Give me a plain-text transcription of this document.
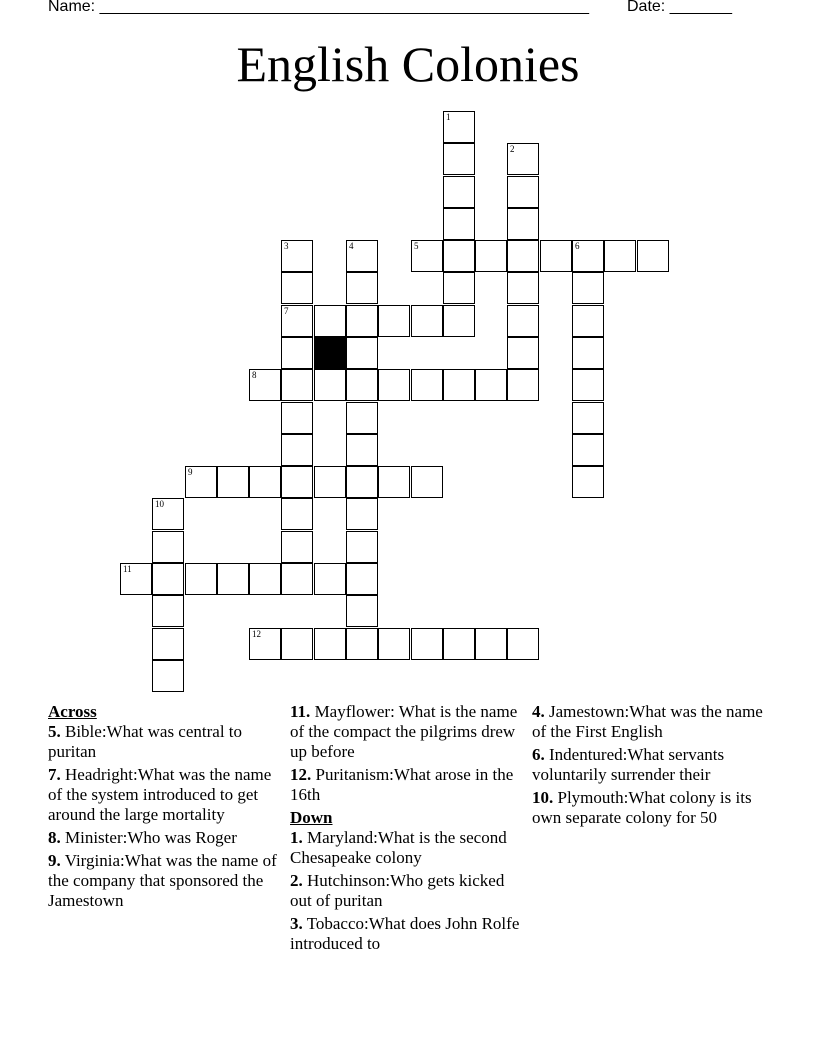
Name: _______________________________________________________ Date: _______
English Colonies
1
2
3
7
4	5	6
8
9
10
11
12
Across

5. Bible:What was central to puritan

7. Headright:What was the name of the system introduced to get around the large mortality

8. Minister:Who was Roger

9. Virginia:What was the name of the company that sponsored the Jamestown

11. Mayflower: What is the name of the compact the pilgrims drew up before

12. Puritanism:What arose in the 16th

Down

1. Maryland:What is the second Chesapeake colony

2. Hutchinson:Who gets kicked out of puritan

3. Tobacco:What does John Rolfe introduced to

4. Jamestown:What was the name of the First English

6. Indentured:What servants voluntarily surrender their

10. Plymouth:What colony is its own separate colony for 50
